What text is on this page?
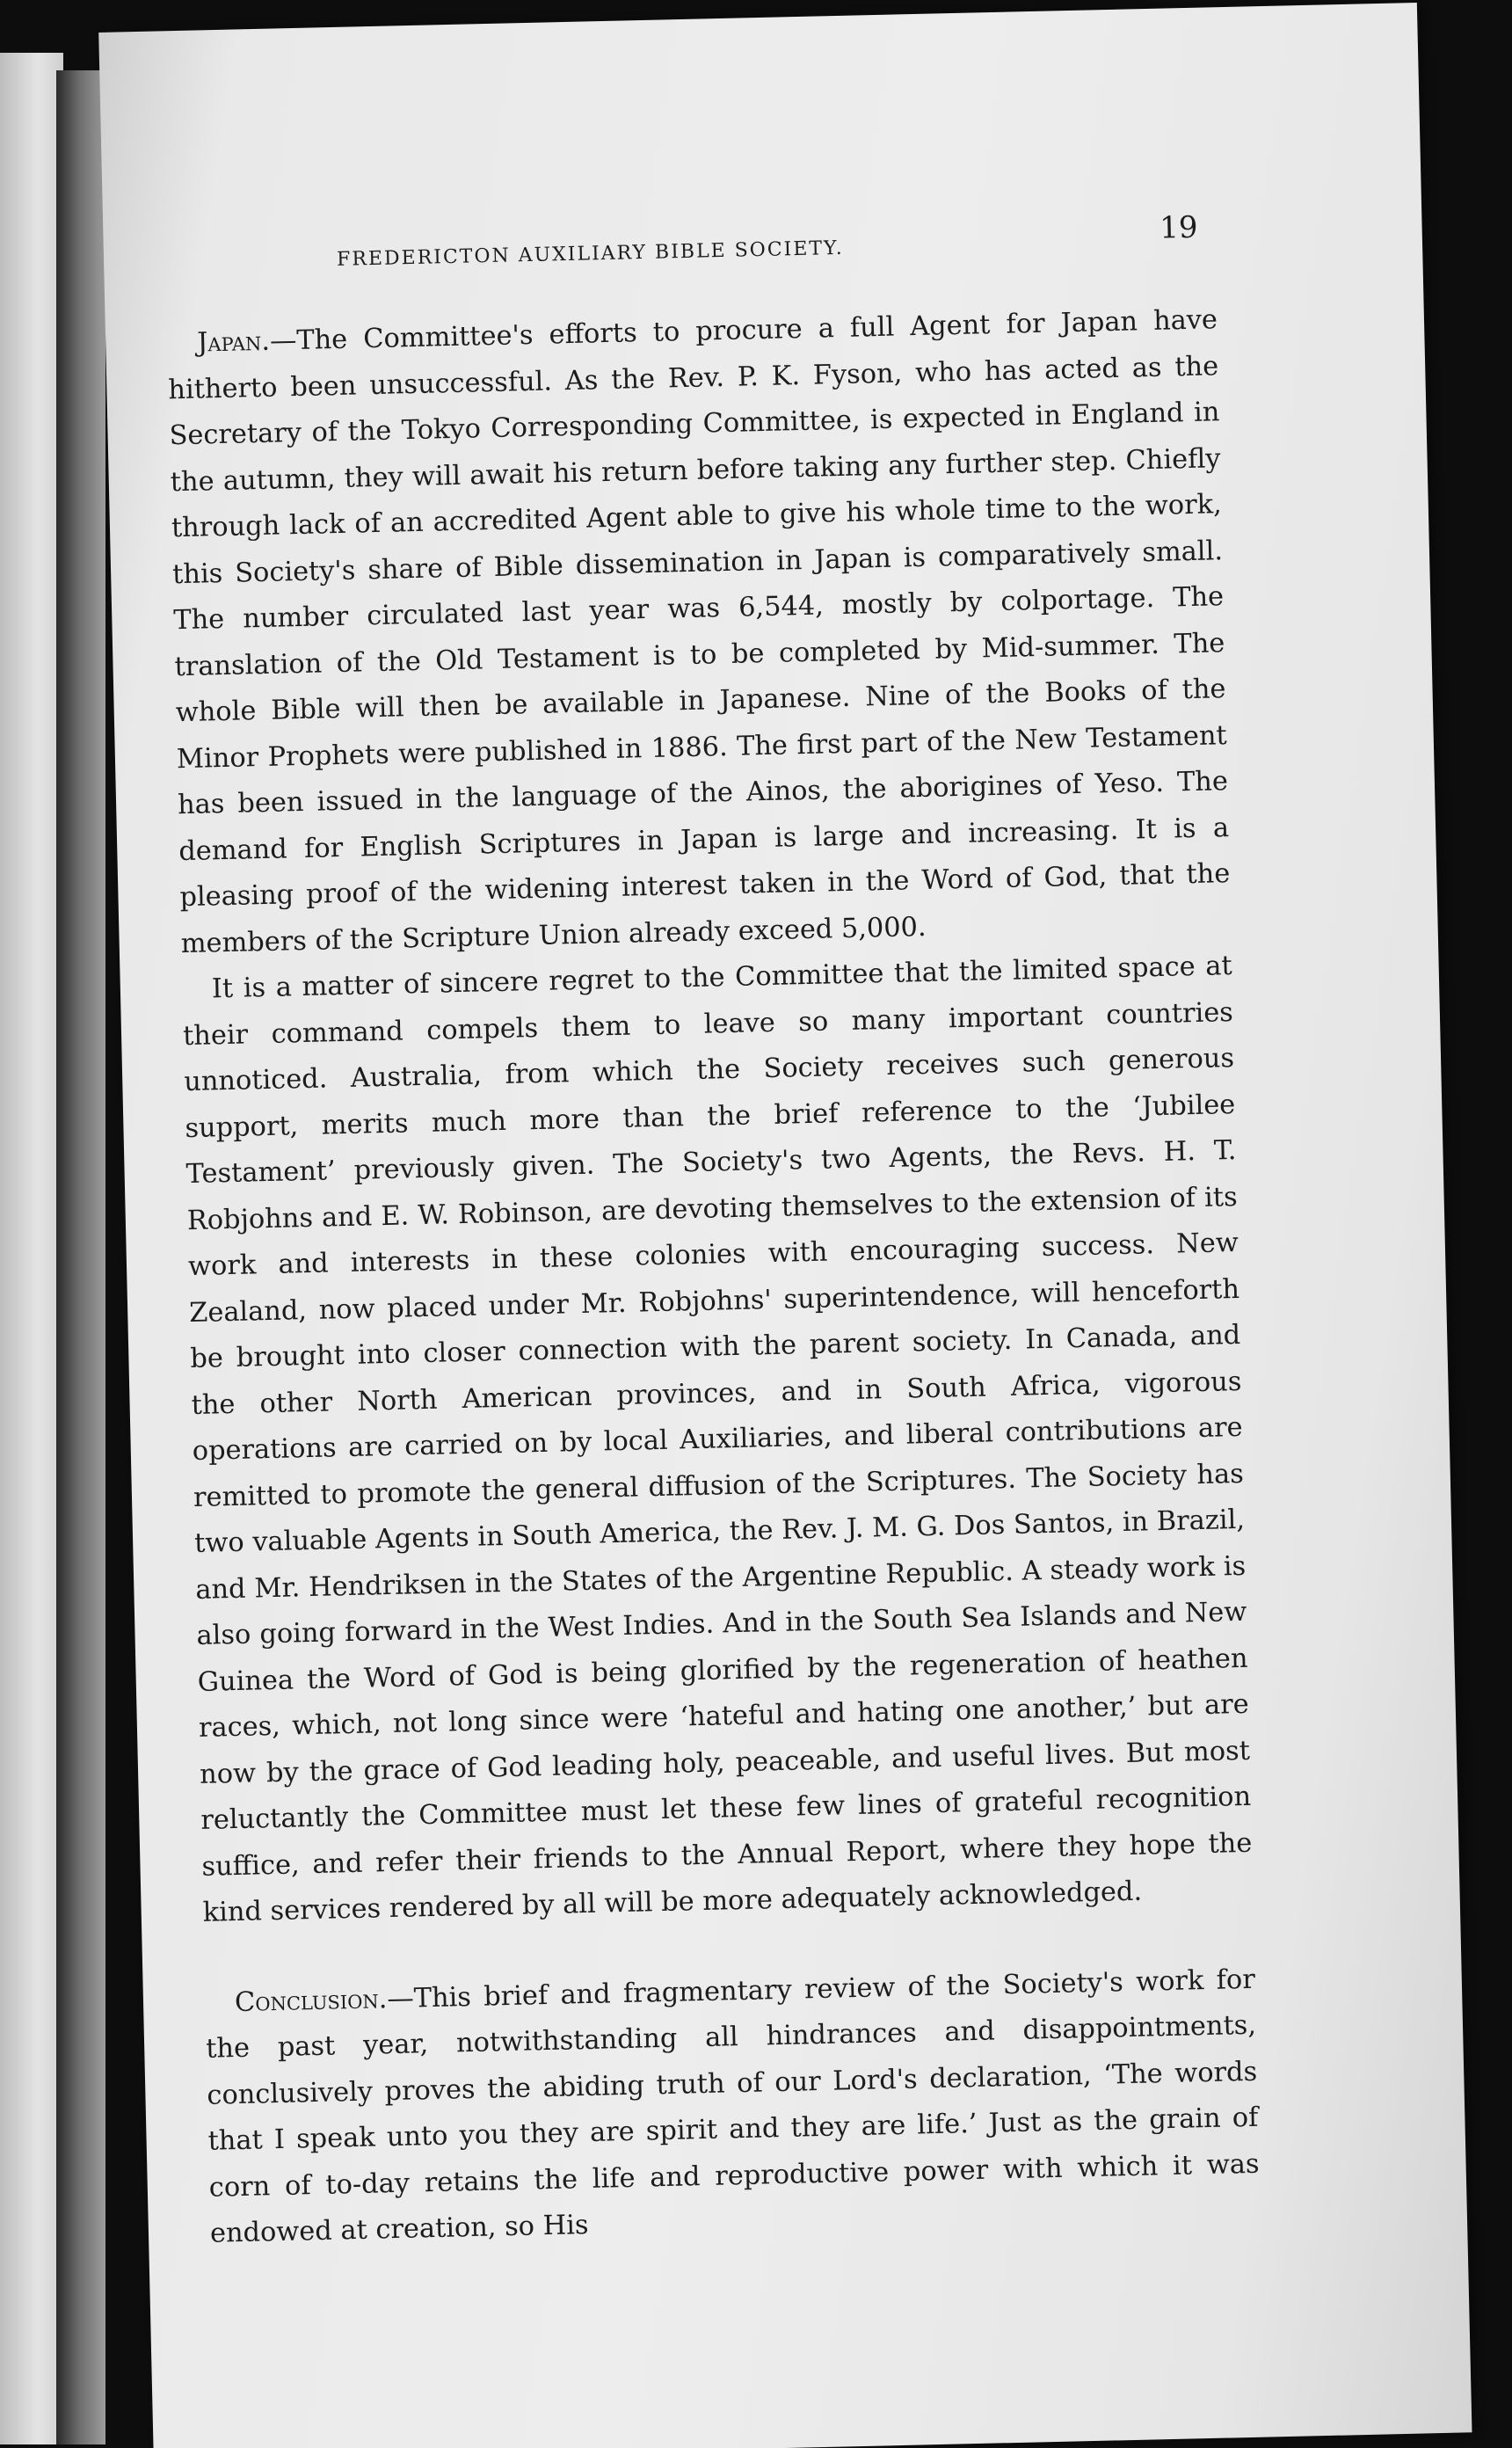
FREDERICTON AUXILIARY BIBLE SOCIETY.
19

Japan.—The Committee's efforts to procure a full Agent for Japan have hitherto been unsuccessful. As the Rev. P. K. Fyson, who has acted as the Secretary of the Tokyo Corresponding Committee, is expected in England in the autumn, they will await his return before taking any further step. Chiefly through lack of an accredited Agent able to give his whole time to the work, this Society's share of Bible dissemination in Japan is comparatively small. The number circulated last year was 6,544, mostly by colportage. The translation of the Old Testament is to be completed by Mid-summer. The whole Bible will then be available in Japanese. Nine of the Books of the Minor Prophets were published in 1886. The first part of the New Testament has been issued in the language of the Ainos, the aborigines of Yeso. The demand for English Scriptures in Japan is large and increasing. It is a pleasing proof of the widening interest taken in the Word of God, that the members of the Scripture Union already exceed 5,000.

It is a matter of sincere regret to the Committee that the limited space at their command compels them to leave so many important countries unnoticed. Australia, from which the Society receives such generous support, merits much more than the brief reference to the ‘Jubilee Testament’ previously given. The Society's two Agents, the Revs. H. T. Robjohns and E. W. Robinson, are devoting themselves to the extension of its work and interests in these colonies with encouraging success. New Zealand, now placed under Mr. Robjohns' superintendence, will henceforth be brought into closer connection with the parent society. In Canada, and the other North American provinces, and in South Africa, vigorous operations are carried on by local Auxiliaries, and liberal contributions are remitted to promote the general diffusion of the Scriptures. The Society has two valuable Agents in South America, the Rev. J. M. G. Dos Santos, in Brazil, and Mr. Hendriksen in the States of the Argentine Republic. A steady work is also going forward in the West Indies. And in the South Sea Islands and New Guinea the Word of God is being glorified by the regeneration of heathen races, which, not long since were ‘hateful and hating one another,’ but are now by the grace of God leading holy, peaceable, and useful lives. But most reluctantly the Committee must let these few lines of grateful recognition suffice, and refer their friends to the Annual Report, where they hope the kind services rendered by all will be more adequately acknowledged.

Conclusion.—This brief and fragmentary review of the Society's work for the past year, notwithstanding all hindrances and disappointments, conclusively proves the abiding truth of our Lord's declaration, ‘The words that I speak unto you they are spirit and they are life.’ Just as the grain of corn of to-day retains the life and reproductive power with which it was endowed at creation, so His
